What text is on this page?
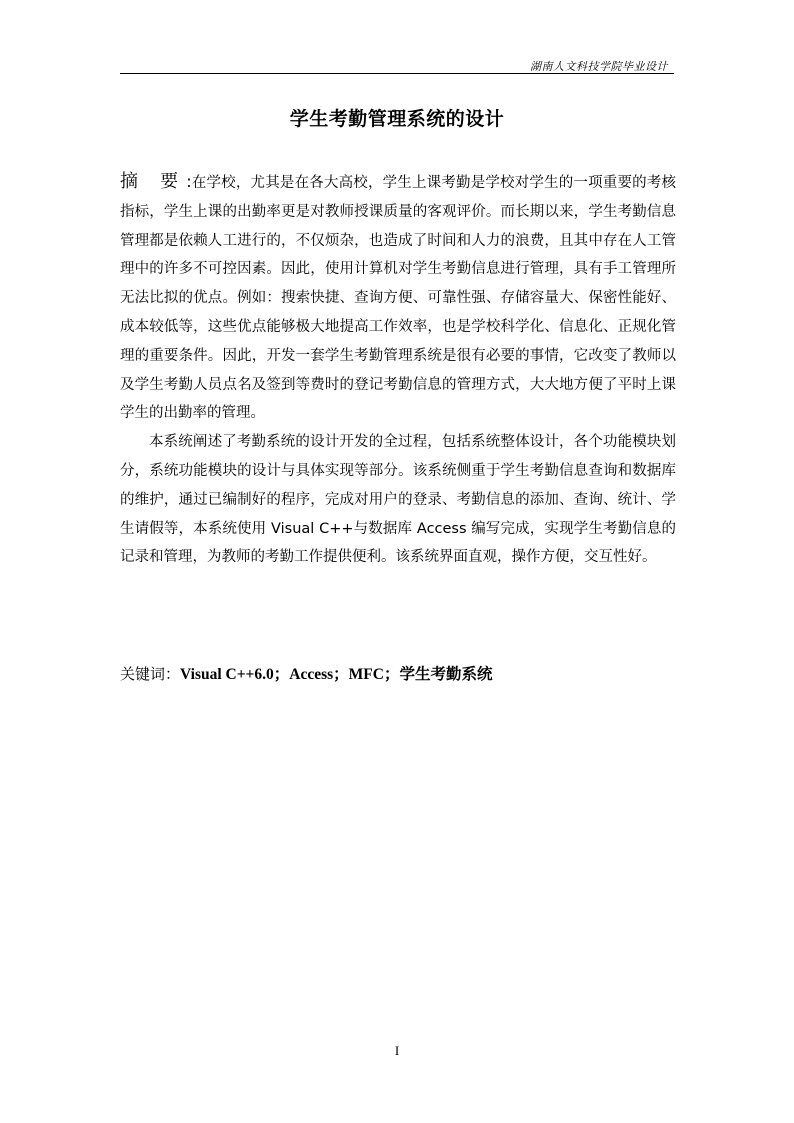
湖南人文科技学院毕业设计
学生考勤管理系统的设计

摘 要:在学校，尤其是在各大高校，学生上课考勤是学校对学生的一项重要的考核指标，学生上课的出勤率更是对教师授课质量的客观评价。而长期以来，学生考勤信息管理都是依赖人工进行的，不仅烦杂，也造成了时间和人力的浪费，且其中存在人工管理中的许多不可控因素。因此，使用计算机对学生考勤信息进行管理，具有手工管理所无法比拟的优点。例如：搜索快捷、查询方便、可靠性强、存储容量大、保密性能好、成本较低等，这些优点能够极大地提高工作效率，也是学校科学化、信息化、正规化管理的重要条件。因此，开发一套学生考勤管理系统是很有必要的事情，它改变了教师以及学生考勤人员点名及签到等费时的登记考勤信息的管理方式，大大地方便了平时上课学生的出勤率的管理。

本系统阐述了考勤系统的设计开发的全过程，包括系统整体设计，各个功能模块划分，系统功能模块的设计与具体实现等部分。该系统侧重于学生考勤信息查询和数据库的维护，通过已编制好的程序，完成对用户的登录、考勤信息的添加、查询、统计、学生请假等，本系统使用 Visual C++与数据库 Access 编写完成，实现学生考勤信息的记录和管理，为教师的考勤工作提供便利。该系统界面直观，操作方便，交互性好。

关键词：Visual C++6.0；Access；MFC；学生考勤系统
I
